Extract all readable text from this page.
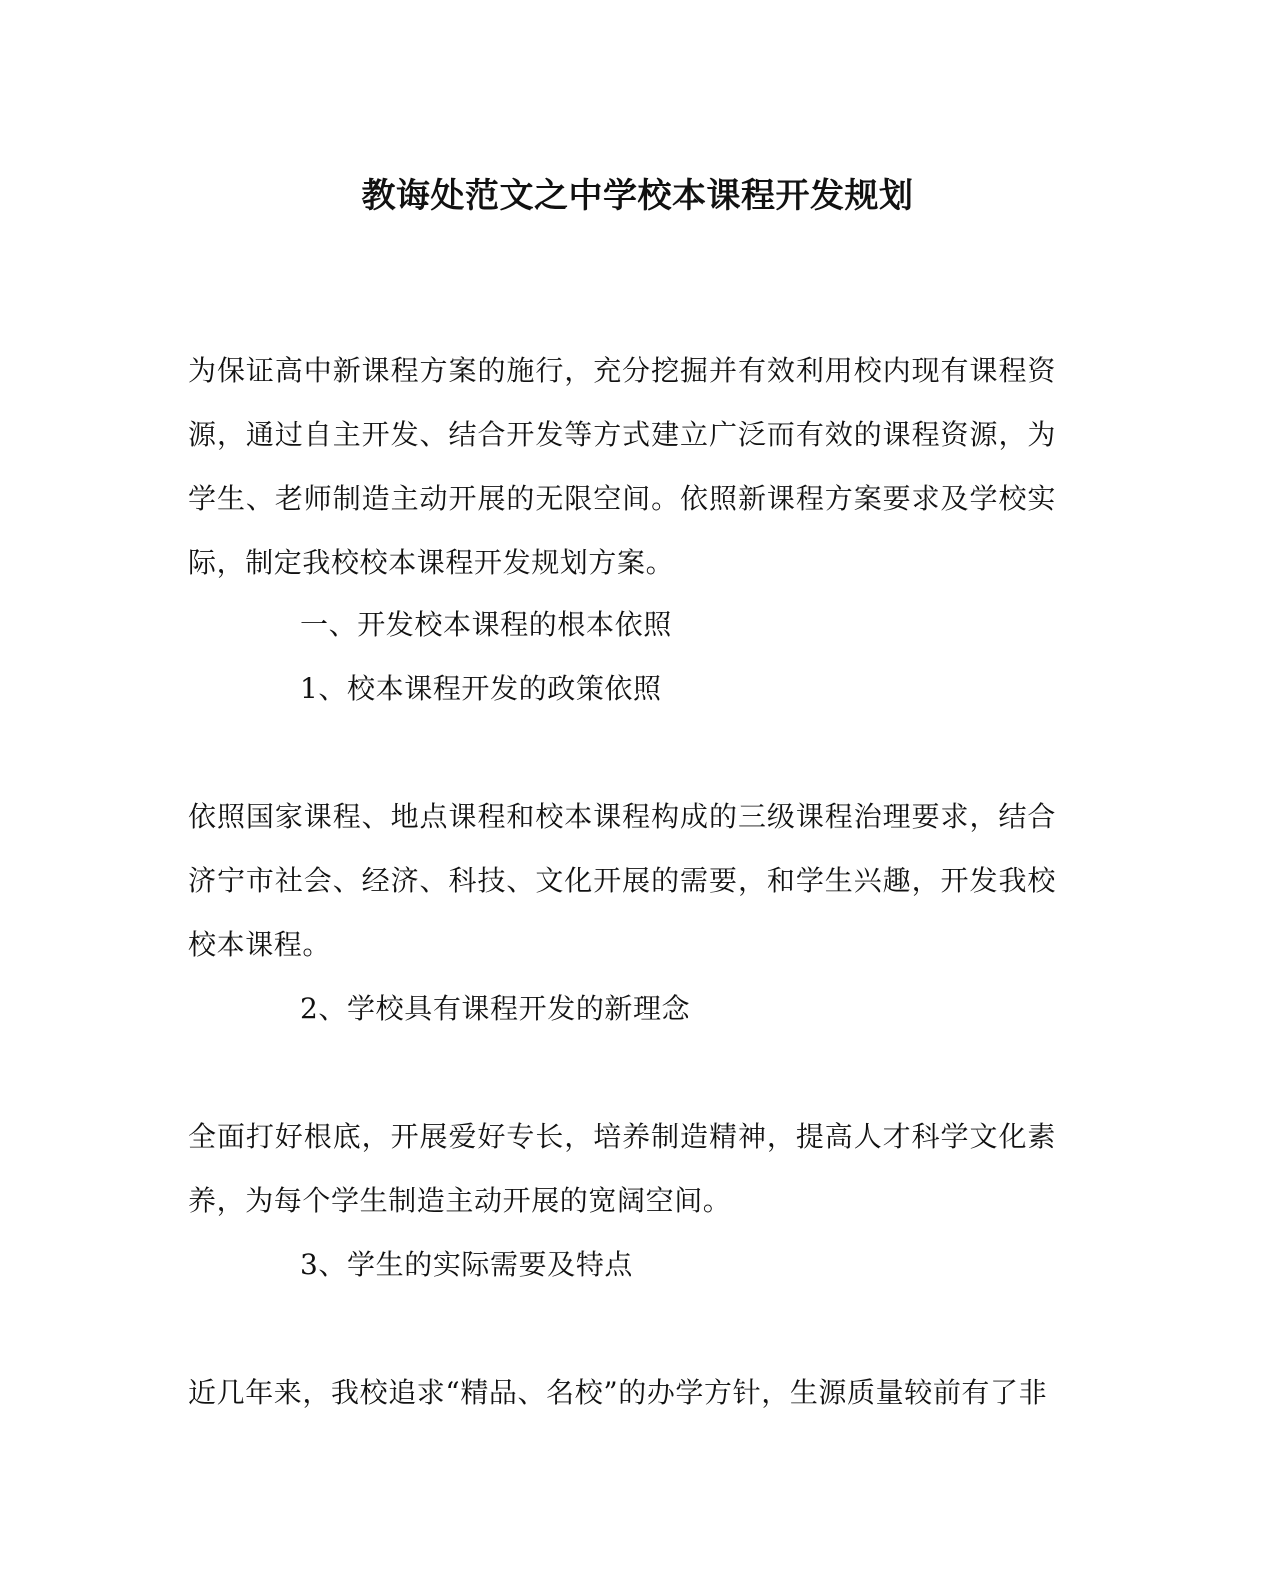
教诲处范文之中学校本课程开发规划

为保证高中新课程方案的施行，充分挖掘并有效利用校内现有课程资源，通过自主开发、结合开发等方式建立广泛而有效的课程资源，为学生、老师制造主动开展的无限空间。依照新课程方案要求及学校实际，制定我校校本课程开发规划方案。

一、开发校本课程的根本依照

1、校本课程开发的政策依照

依照国家课程、地点课程和校本课程构成的三级课程治理要求，结合济宁市社会、经济、科技、文化开展的需要，和学生兴趣，开发我校校本课程。

2、学校具有课程开发的新理念

全面打好根底，开展爱好专长，培养制造精神，提高人才科学文化素养，为每个学生制造主动开展的宽阔空间。

3、学生的实际需要及特点

近几年来，我校追求“精品、名校”的办学方针，生源质量较前有了非
